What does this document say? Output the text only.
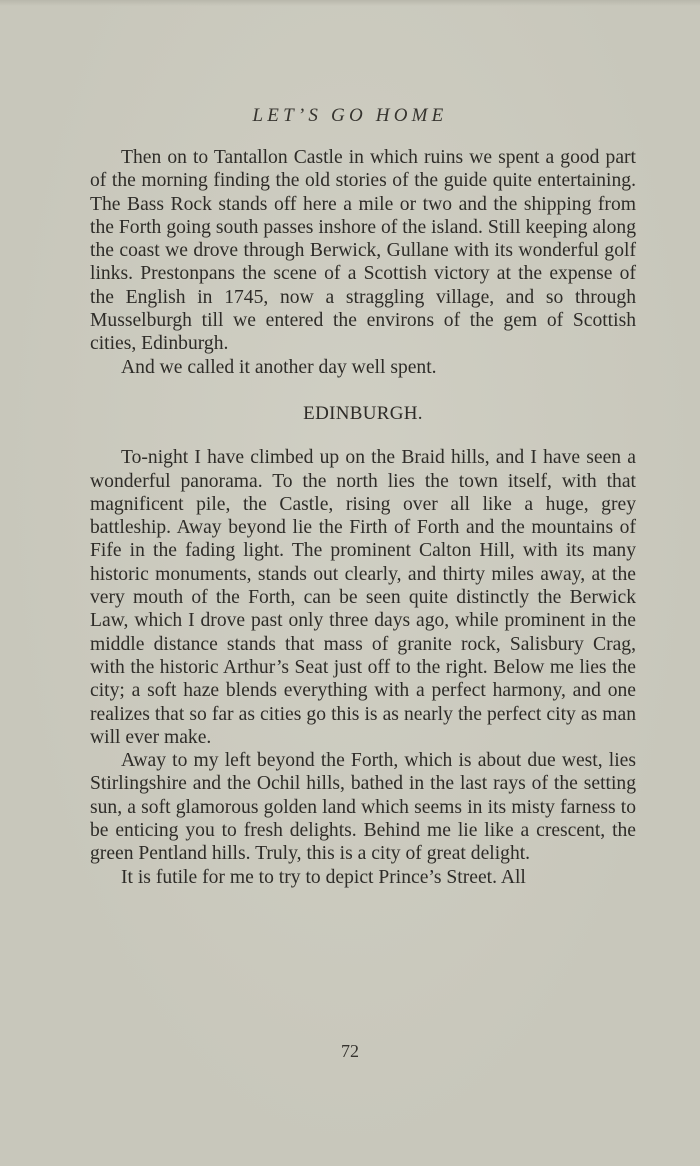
LET’S GO HOME

Then on to Tantallon Castle in which ruins we spent a good part of the morning finding the old stories of the guide quite entertaining. The Bass Rock stands off here a mile or two and the shipping from the Forth going south passes inshore of the island. Still keeping along the coast we drove through Berwick, Gullane with its wonderful golf links. Prestonpans the scene of a Scottish victory at the expense of the English in 1745, now a straggling village, and so through Musselburgh till we entered the environs of the gem of Scottish cities, Edinburgh.

And we called it another day well spent.

EDINBURGH.

To-night I have climbed up on the Braid hills, and I have seen a wonderful panorama. To the north lies the town itself, with that magnificent pile, the Castle, rising over all like a huge, grey battleship. Away beyond lie the Firth of Forth and the mountains of Fife in the fading light. The prominent Calton Hill, with its many historic monuments, stands out clearly, and thirty miles away, at the very mouth of the Forth, can be seen quite distinctly the Berwick Law, which I drove past only three days ago, while prominent in the middle distance stands that mass of granite rock, Salisbury Crag, with the historic Arthur’s Seat just off to the right. Below me lies the city; a soft haze blends everything with a perfect harmony, and one realizes that so far as cities go this is as nearly the perfect city as man will ever make.

Away to my left beyond the Forth, which is about due west, lies Stirlingshire and the Ochil hills, bathed in the last rays of the setting sun, a soft glamorous golden land which seems in its misty farness to be enticing you to fresh delights. Behind me lie like a crescent, the green Pentland hills. Truly, this is a city of great delight.

It is futile for me to try to depict Prince’s Street. All

72
